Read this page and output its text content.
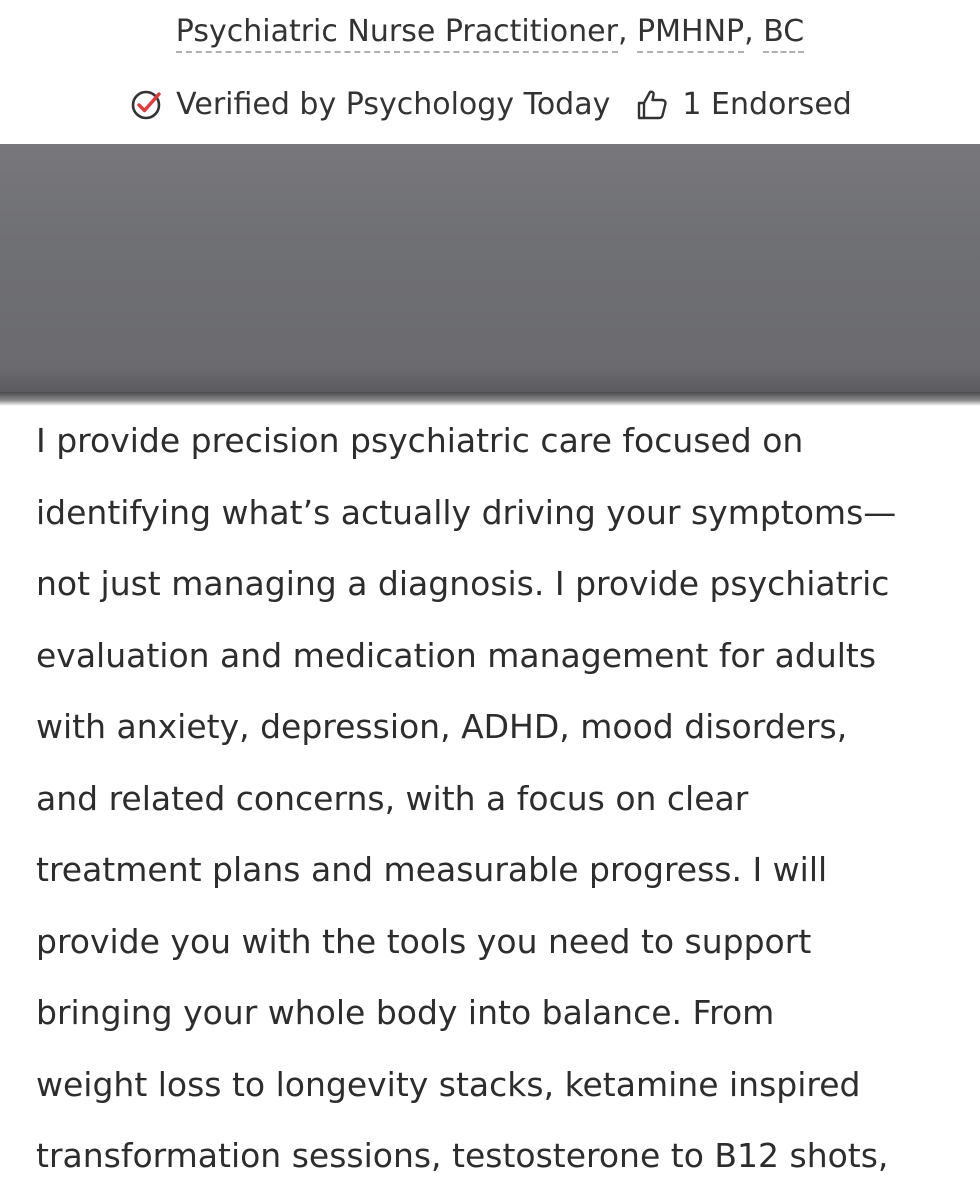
Psychiatric Nurse Practitioner, PMHNP, BC
Verified by Psychology Today 1 Endorsed
I provide precision psychiatric care focused on
identifying what’s actually driving your symptoms—
not just managing a diagnosis. I provide psychiatric
evaluation and medication management for adults
with anxiety, depression, ADHD, mood disorders,
and related concerns, with a focus on clear
treatment plans and measurable progress. I will
provide you with the tools you need to support
bringing your whole body into balance. From
weight loss to longevity stacks, ketamine inspired
transformation sessions, testosterone to B12 shots,
